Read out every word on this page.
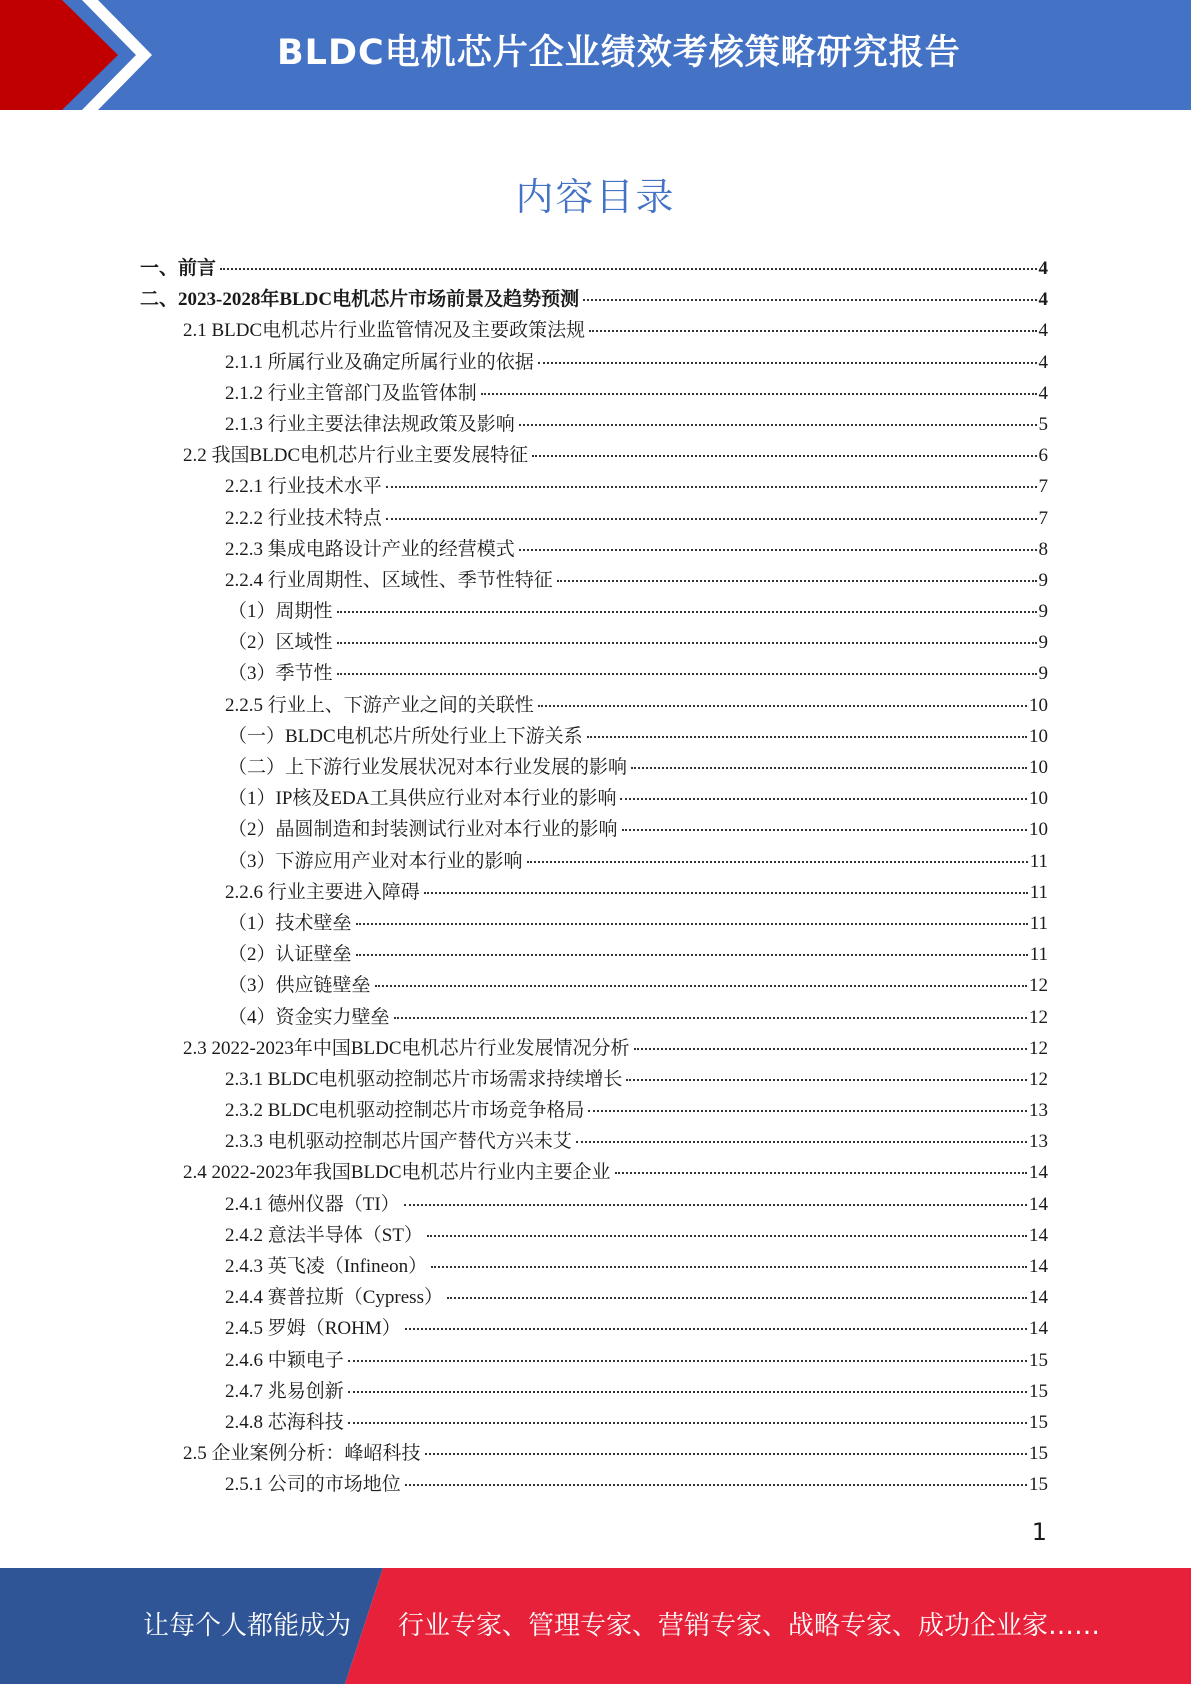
BLDC电机芯片企业绩效考核策略研究报告
内容目录
一、前言	4
二、2023-2028年BLDC电机芯片市场前景及趋势预测	4
2.1 BLDC电机芯片行业监管情况及主要政策法规	4
2.1.1 所属行业及确定所属行业的依据	4
2.1.2 行业主管部门及监管体制	4
2.1.3 行业主要法律法规政策及影响	5
2.2 我国BLDC电机芯片行业主要发展特征	6
2.2.1 行业技术水平	7
2.2.2 行业技术特点	7
2.2.3 集成电路设计产业的经营模式	8
2.2.4 行业周期性、区域性、季节性特征	9
（1）周期性	9
（2）区域性	9
（3）季节性	9
2.2.5 行业上、下游产业之间的关联性	10
（一）BLDC电机芯片所处行业上下游关系	10
（二）上下游行业发展状况对本行业发展的影响	10
（1）IP核及EDA工具供应行业对本行业的影响	10
（2）晶圆制造和封装测试行业对本行业的影响	10
（3）下游应用产业对本行业的影响	11
2.2.6 行业主要进入障碍	11
（1）技术壁垒	11
（2）认证壁垒	11
（3）供应链壁垒	12
（4）资金实力壁垒	12
2.3 2022-2023年中国BLDC电机芯片行业发展情况分析	12
2.3.1 BLDC电机驱动控制芯片市场需求持续增长	12
2.3.2 BLDC电机驱动控制芯片市场竞争格局	13
2.3.3 电机驱动控制芯片国产替代方兴未艾	13
2.4 2022-2023年我国BLDC电机芯片行业内主要企业	14
2.4.1 德州仪器（TI）	14
2.4.2 意法半导体（ST）	14
2.4.3 英飞凌（Infineon）	14
2.4.4 赛普拉斯（Cypress）	14
2.4.5 罗姆（ROHM）	14
2.4.6 中颖电子	15
2.4.7 兆易创新	15
2.4.8 芯海科技	15
2.5 企业案例分析：峰岹科技	15
2.5.1 公司的市场地位	15
1
让每个人都能成为 行业专家、管理专家、营销专家、战略专家、成功企业家……
